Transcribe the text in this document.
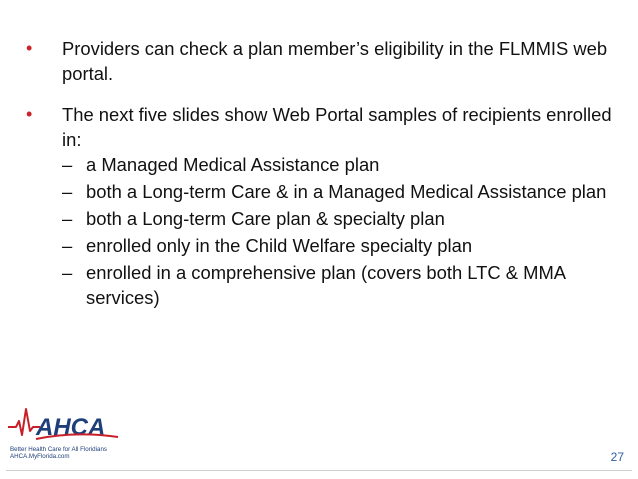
•	Providers can check a plan member’s eligibility in the FLMMIS web portal.

•	The next five slides show Web Portal samples of recipients enrolled in:

– a Managed Medical Assistance plan
– both a Long-term Care & in a Managed Medical Assistance plan
– both a Long-term Care plan & specialty plan
– enrolled only in the Child Welfare specialty plan
– enrolled in a comprehensive plan (covers both LTC & MMA services)
AHCA
Better Health Care for All Floridians
AHCA.MyFlorida.com	27
